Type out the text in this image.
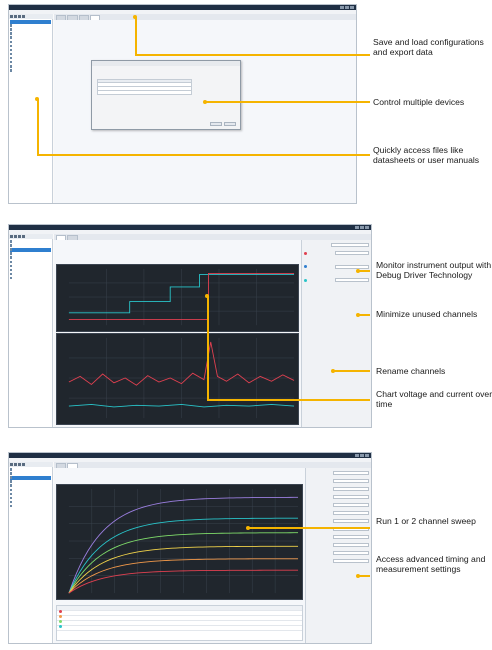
Save and load configurations and export data
Control multiple devices
Quickly access files like datasheets or user manuals
Monitor instrument output with Debug Driver Technology
Minimize unused channels
Rename channels
Chart voltage and current over time
Run 1 or 2 channel sweep
Access advanced timing and measurement settings
